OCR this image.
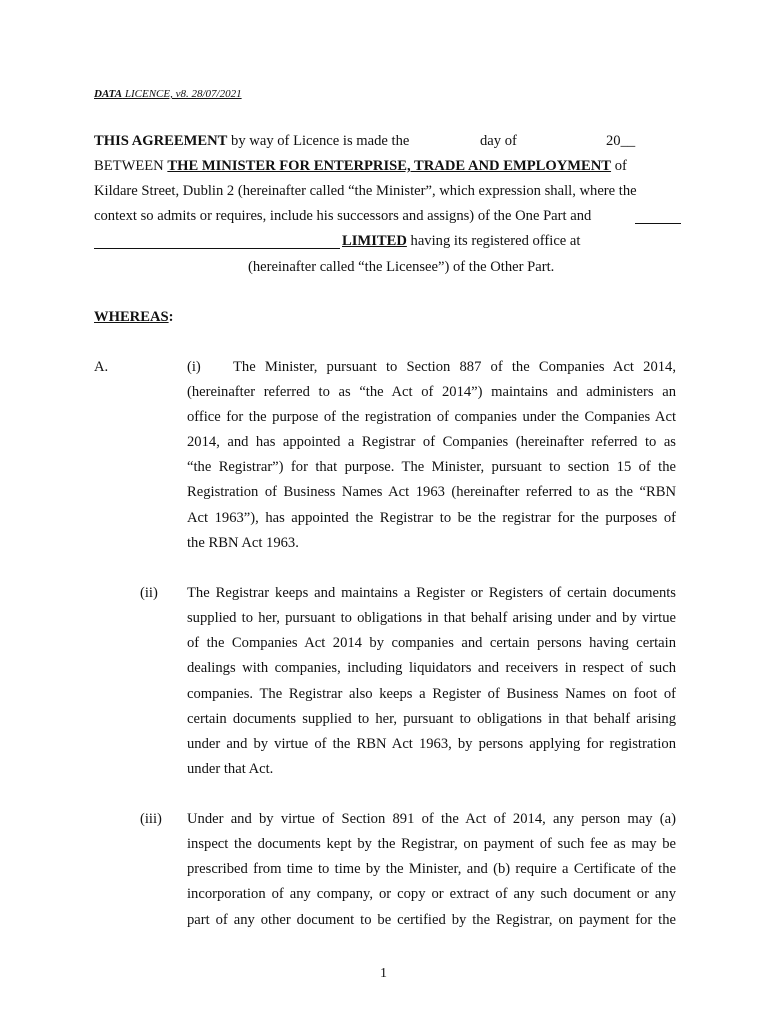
DATA LICENCE, v8. 28/07/2021
THIS AGREEMENT by way of Licence is made the	day of	20__
BETWEEN THE MINISTER FOR ENTERPRISE, TRADE AND EMPLOYMENT of
Kildare Street, Dublin 2 (hereinafter called “the Minister”, which expression shall, where the
context so admits or requires, include his successors and assigns) of the One Part and
LIMITED having its registered office at
(hereinafter called “the Licensee”) of the Other Part.
WHEREAS:
A.	(i) The Minister, pursuant to Section 887 of the Companies Act 2014,
(hereinafter referred to as “the Act of 2014”) maintains and administers an
office for the purpose of the registration of companies under the Companies Act
2014, and has appointed a Registrar of Companies (hereinafter referred to as
“the Registrar”) for that purpose. The Minister, pursuant to section 15 of the
Registration of Business Names Act 1963 (hereinafter referred to as the “RBN
Act 1963”), has appointed the Registrar to be the registrar for the purposes of
the RBN Act 1963.
(ii) The Registrar keeps and maintains a Register or Registers of certain documents
supplied to her, pursuant to obligations in that behalf arising under and by virtue
of the Companies Act 2014 by companies and certain persons having certain
dealings with companies, including liquidators and receivers in respect of such
companies. The Registrar also keeps a Register of Business Names on foot of
certain documents supplied to her, pursuant to obligations in that behalf arising
under and by virtue of the RBN Act 1963, by persons applying for registration
under that Act.
(iii) Under and by virtue of Section 891 of the Act of 2014, any person may (a)
inspect the documents kept by the Registrar, on payment of such fee as may be
prescribed from time to time by the Minister, and (b) require a Certificate of the
incorporation of any company, or copy or extract of any such document or any
part of any other document to be certified by the Registrar, on payment for the
1
